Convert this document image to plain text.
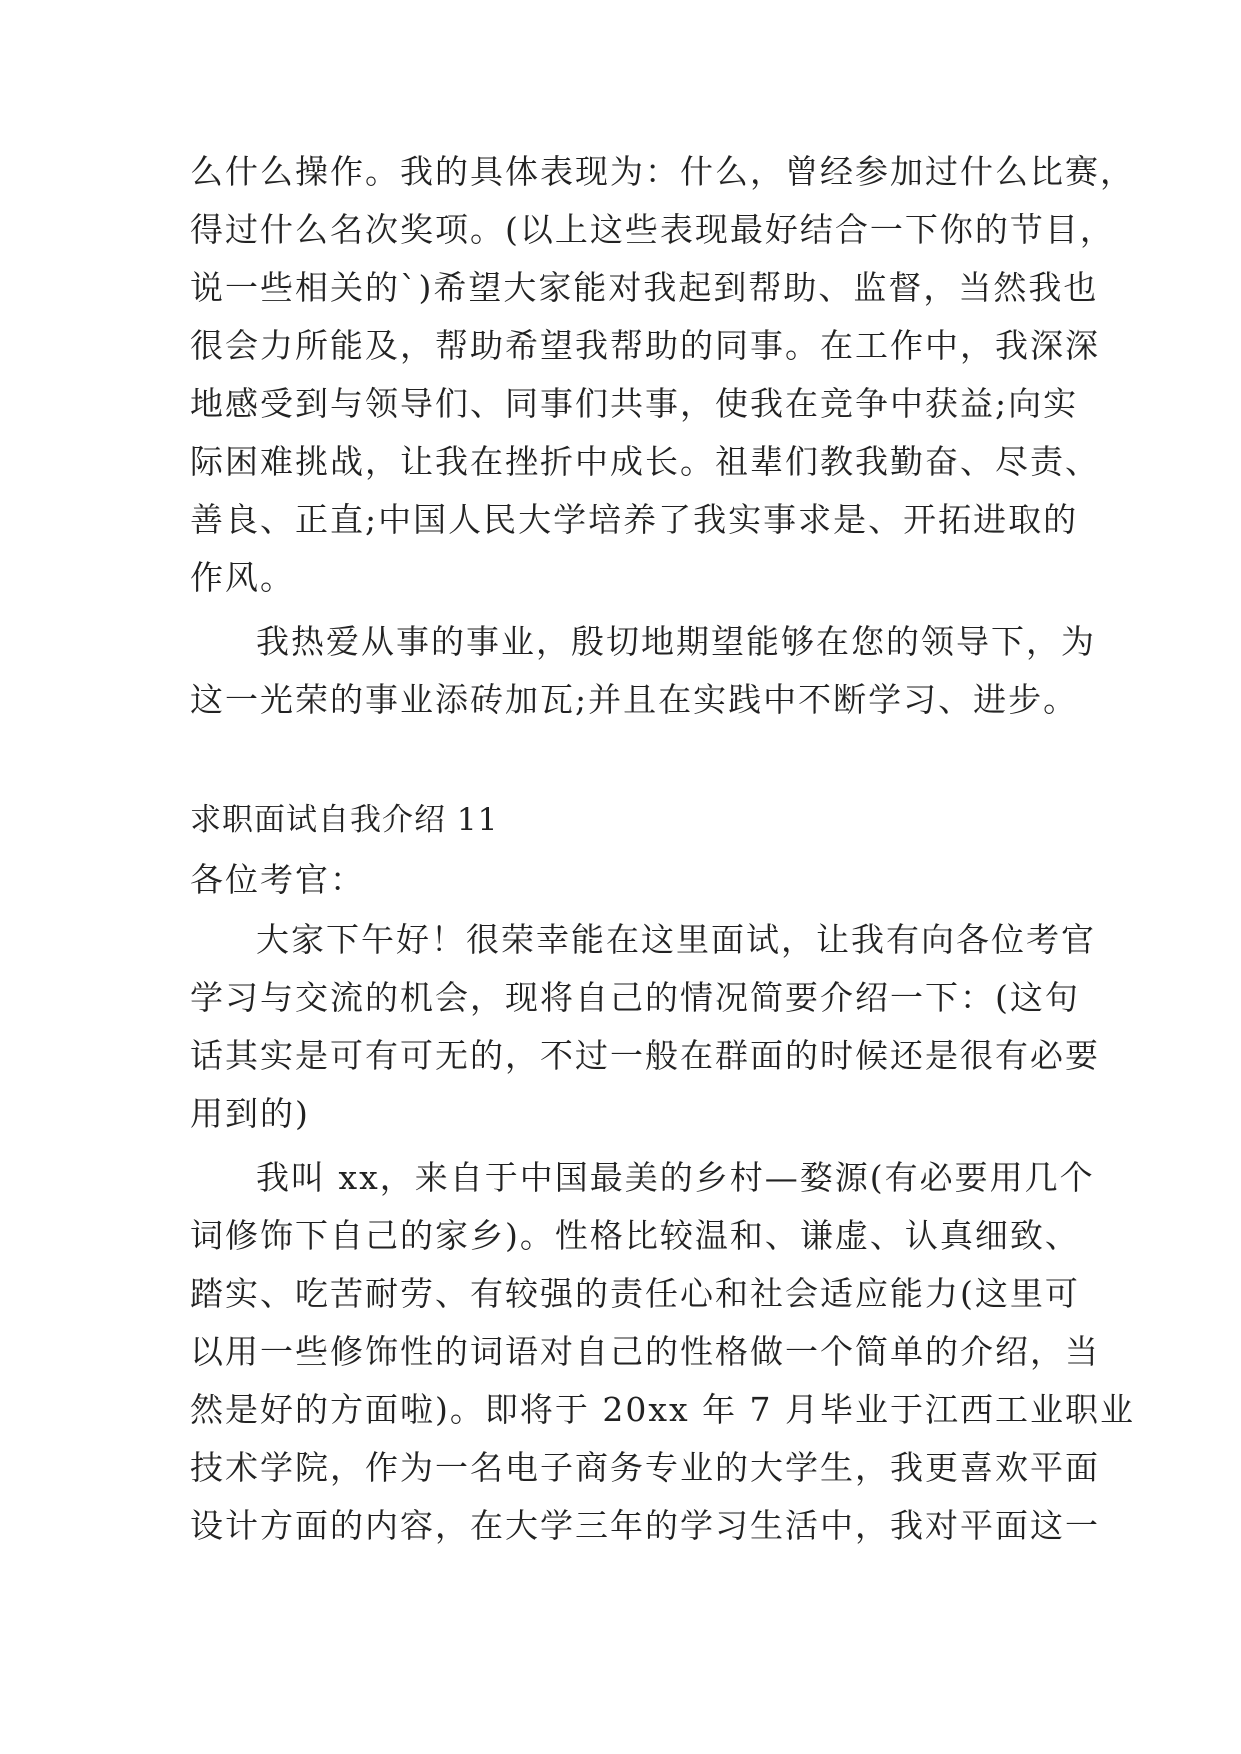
么什么操作。我的具体表现为：什么，曾经参加过什么比赛，
得过什么名次奖项。(以上这些表现最好结合一下你的节目，
说一些相关的`)希望大家能对我起到帮助、监督，当然我也
很会力所能及，帮助希望我帮助的同事。在工作中，我深深
地感受到与领导们、同事们共事，使我在竞争中获益;向实
际困难挑战，让我在挫折中成长。祖辈们教我勤奋、尽责、
善良、正直;中国人民大学培养了我实事求是、开拓进取的
作风。
我热爱从事的事业，殷切地期望能够在您的领导下，为
这一光荣的事业添砖加瓦;并且在实践中不断学习、进步。
求职面试自我介绍 11
各位考官：
大家下午好！很荣幸能在这里面试，让我有向各位考官
学习与交流的机会，现将自己的情况简要介绍一下：(这句
话其实是可有可无的，不过一般在群面的时候还是很有必要
用到的)
我叫 xx，来自于中国最美的乡村—婺源(有必要用几个
词修饰下自己的家乡)。性格比较温和、谦虚、认真细致、
踏实、吃苦耐劳、有较强的责任心和社会适应能力(这里可
以用一些修饰性的词语对自己的性格做一个简单的介绍，当
然是好的方面啦)。即将于 20xx 年 7 月毕业于江西工业职业
技术学院，作为一名电子商务专业的大学生，我更喜欢平面
设计方面的内容，在大学三年的学习生活中，我对平面这一
